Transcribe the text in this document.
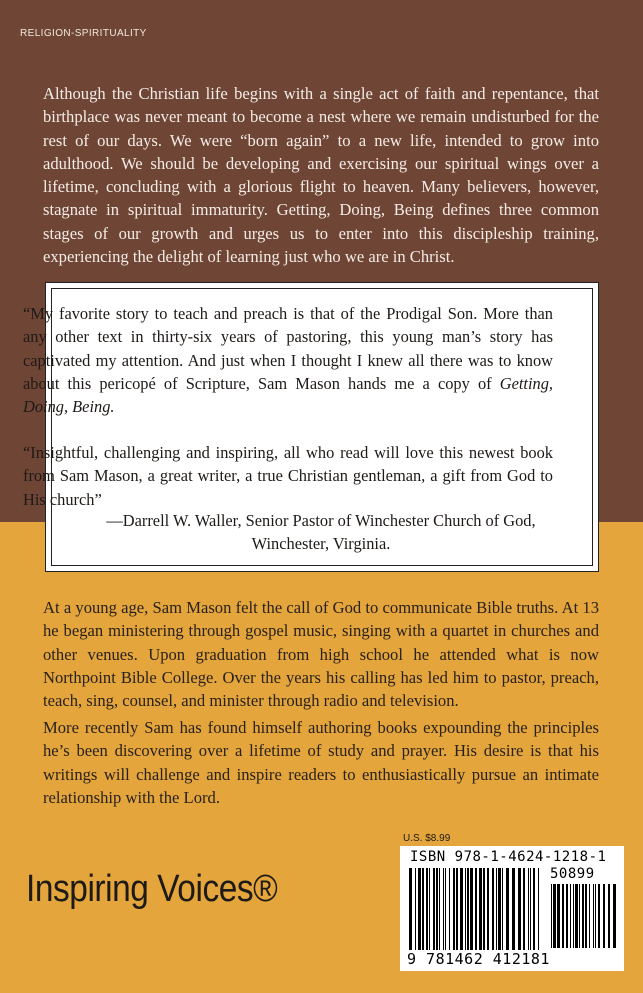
RELIGION-SPIRITUALITY

Although the Christian life begins with a single act of faith and repentance, that birthplace was never meant to become a nest where we remain undisturbed for the rest of our days. We were “born again” to a new life, intended to grow into adulthood. We should be developing and exercising our spiritual wings over a lifetime, concluding with a glorious flight to heaven. Many believers, however, stagnate in spiritual immaturity. Getting, Doing, Being defines three common stages of our growth and urges us to enter into this discipleship training, experiencing the delight of learning just who we are in Christ.

“My favorite story to teach and preach is that of the Prodigal Son. More than any other text in thirty-six years of pastoring, this young man’s story has captivated my attention. And just when I thought I knew all there was to know about this pericopé of Scripture, Sam Mason hands me a copy of Getting, Doing, Being.

“Insightful, challenging and inspiring, all who read will love this newest book from Sam Mason, a great writer, a true Christian gentleman, a gift from God to His church”

—Darrell W. Waller, Senior Pastor of Winchester Church of God,
Winchester, Virginia.

At a young age, Sam Mason felt the call of God to communicate Bible truths. At 13 he began ministering through gospel music, singing with a quartet in churches and other venues. Upon graduation from high school he attended what is now Northpoint Bible College. Over the years his calling has led him to pastor, preach, teach, sing, counsel, and minister through radio and television.

More recently Sam has found himself authoring books expounding the principles he’s been discovering over a lifetime of study and prayer. His desire is that his writings will challenge and inspire readers to enthusiastically pursue an intimate relationship with the Lord.

U.S. $8.99
ISBN 978-1-4624-1218-1
50899
9 781462 412181
Inspiring Voices®
